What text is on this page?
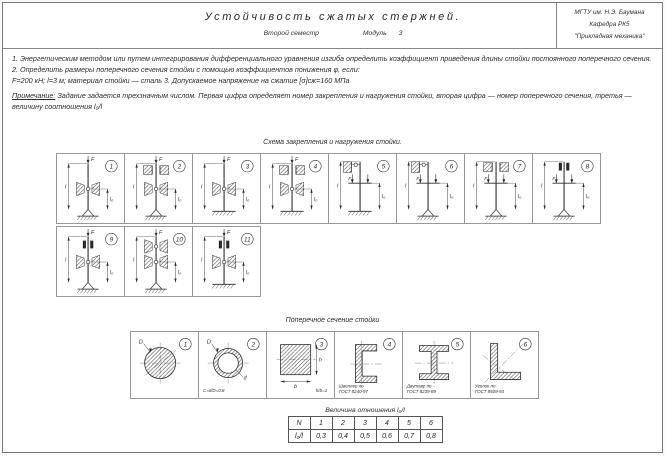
Устойчивость сжатых стержней.
Второй семестр	Модуль 3
МГТУ им. Н.Э. Баумана
Кафедра РК5
"Прикладная механика"

1. Энергетическим методом или путем интегрирования дифференциального уравнения изгиба определить коэффициент приведения длины стойки постоянного поперечного сечения.

2. Определить размеры поперечного сечения стойки с помощью коэффициентов понижения φ, если:

F=200 кН; l=3 м; материал стойки — сталь 3. Допускаемое напряжение на сжатие [σ]сж=160 МПа

Примечание: Задание задается трехзначным числом. Первая цифра определяет номер закрепления и нагружения стойки, вторая цифра — номер поперечного сечения, третья — величину соотношения l₀/l

Схема закрепления и нагружения стойки.
1
F
l
l₀
2
F
l
l₀
3
F
l
l₀
4
F
l
l₀
5
F
l
l₀
6
F
l
l₀
7
F
l
l₀
8
F
l
l₀
9
F
l
l₀
10
F
l
l₀
11
F
l
l₀
Поперечное сечение стойки
1
D	2
D
d
C=d/D=0.8
3
b
h
h/b=1
4
Швеллер по
ГОСТ 8240-97
5
Двутавр по
ГОСТ 8239-89
6
Уголок по
ГОСТ 8509-93
Величина отношения l₀/l
N	1	2	3	4	5	6
l₀/l	0,3	0,4	0,5	0,6	0,7	0,8
